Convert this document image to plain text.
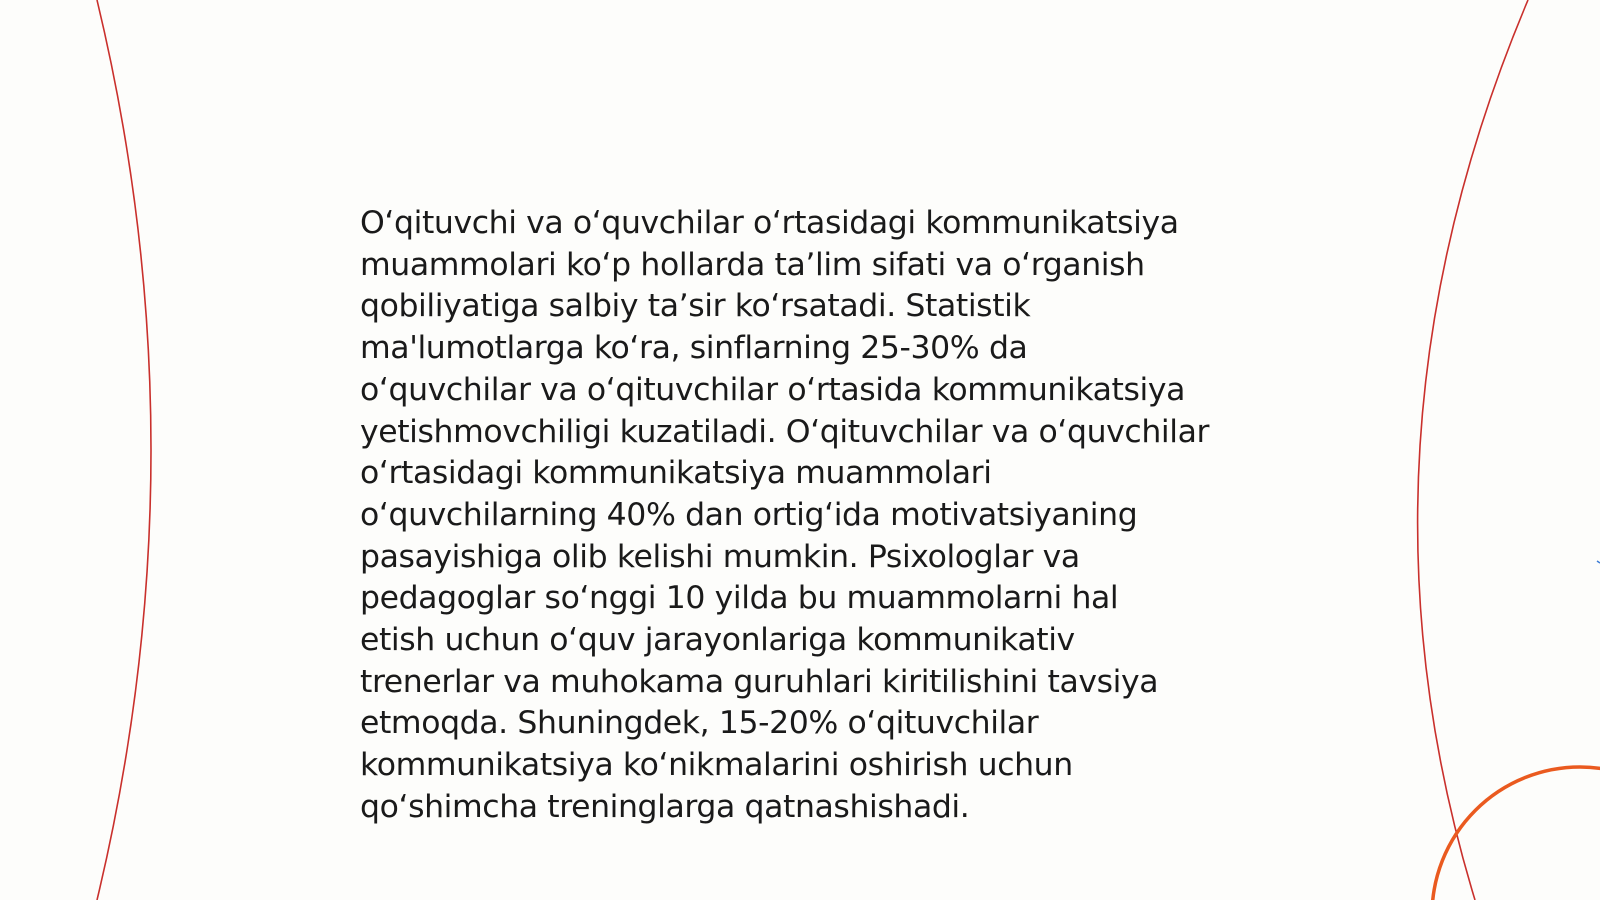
Oʻqituvchi va oʻquvchilar oʻrtasidagi kommunikatsiya
muammolari koʻp hollarda taʼlim sifati va oʻrganish
qobiliyatiga salbiy taʼsir koʻrsatadi. Statistik
ma'lumotlarga koʻra, sinflarning 25-30% da
oʻquvchilar va oʻqituvchilar oʻrtasida kommunikatsiya
yetishmovchiligi kuzatiladi. Oʻqituvchilar va oʻquvchilar
oʻrtasidagi kommunikatsiya muammolari
oʻquvchilarning 40% dan ortigʻida motivatsiyaning
pasayishiga olib kelishi mumkin. Psixologlar va
pedagoglar soʻnggi 10 yilda bu muammolarni hal
etish uchun oʻquv jarayonlariga kommunikativ
trenerlar va muhokama guruhlari kiritilishini tavsiya
etmoqda. Shuningdek, 15-20% oʻqituvchilar
kommunikatsiya koʻnikmalarini oshirish uchun
qoʻshimcha treninglarga qatnashishadi.
